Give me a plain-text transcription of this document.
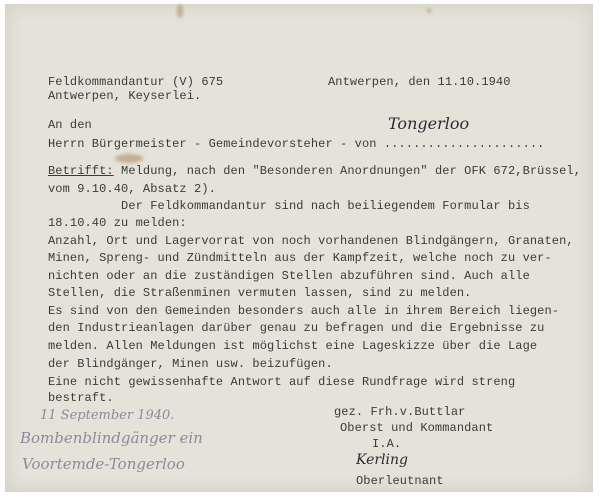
Feldkommandantur (V) 675
Antwerpen, Keyserlei.
Antwerpen, den 11.10.1940
An den
Herrn Bürgermeister - Gemeindevorsteher - von ......................
Tongerloo
Betrifft: Meldung, nach den "Besonderen Anordnungen" der OFK 672,Brüssel,
vom 9.10.40, Absatz 2).
Der Feldkommandantur sind nach beiliegendem Formular bis
18.10.40 zu melden:
Anzahl, Ort und Lagervorrat von noch vorhandenen Blindgängern, Granaten,
Minen, Spreng- und Zündmitteln aus der Kampfzeit, welche noch zu ver-
nichten oder an die zuständigen Stellen abzuführen sind. Auch alle
Stellen, die Straßenminen vermuten lassen, sind zu melden.
Es sind von den Gemeinden besonders auch alle in ihrem Bereich liegen-
den Industrieanlagen darüber genau zu befragen und die Ergebnisse zu
melden. Allen Meldungen ist möglichst eine Lageskizze über die Lage
der Blindgänger, Minen usw. beizufügen.
Eine nicht gewissenhafte Antwort auf diese Rundfrage wird streng
bestraft.
11 September 1940.
Bombenblindgänger ein
Voortemde-Tongerloo
gez. Frh.v.Buttlar
Oberst und Kommandant
I.A.
Kerling
Oberleutnant
